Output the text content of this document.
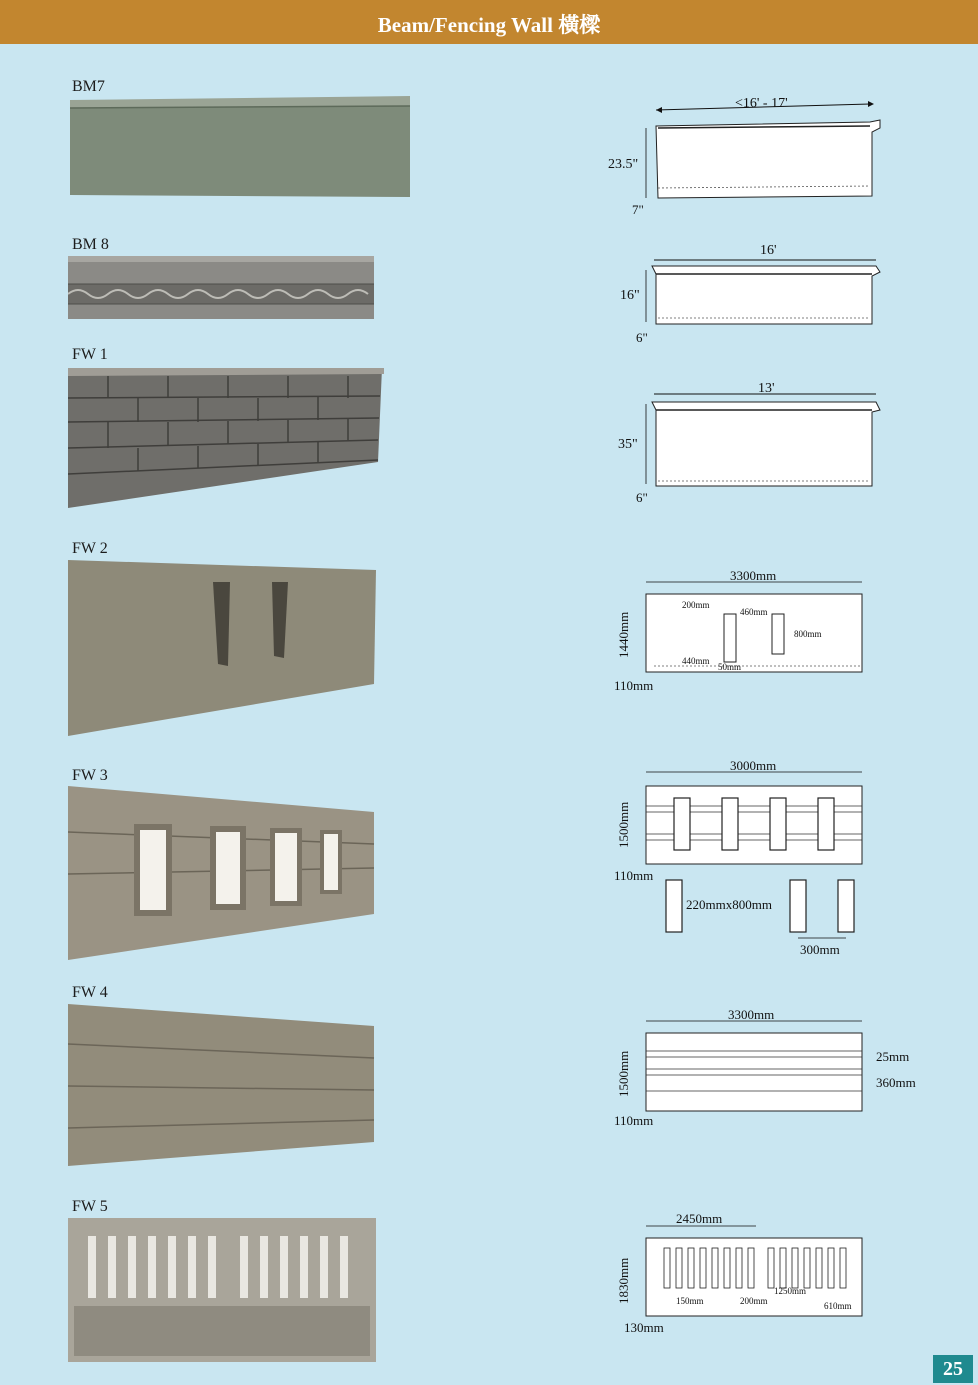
Beam/Fencing Wall 橫樑
BM7
<16' - 17'
23.5"
7"
BM 8	16'
16"
6"
FW 1
13'
35"
6"
FW 2
3300mm
200mm
460mm
800mm
440mm
50mm
1440mm
110mm
FW 3
3000mm
1500mm
110mm
220mmx800mm
300mm
FW 4
3300mm
25mm
360mm
1500mm
110mm
FW 5
2450mm
150mm	200mm
1250mm
610mm
1830mm
130mm
25
